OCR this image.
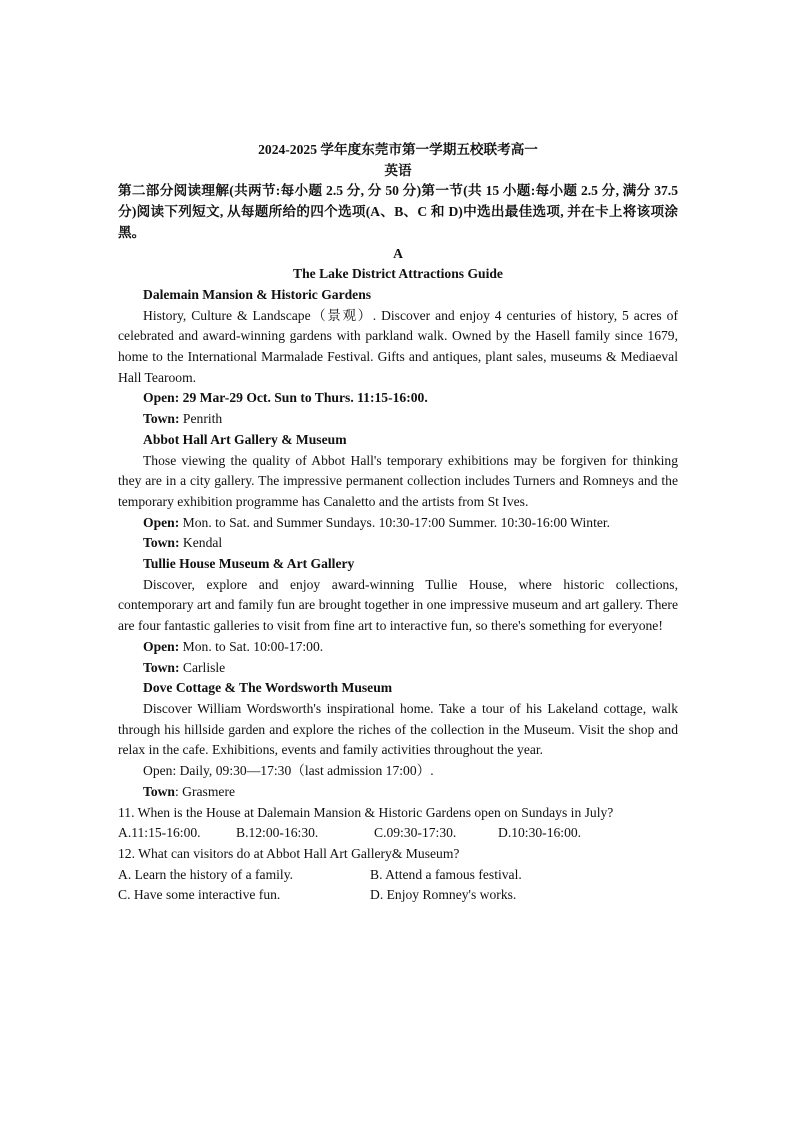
2024-2025 学年度东莞市第一学期五校联考高一
英语
第二部分阅读理解(共两节:每小题 2.5 分, 分 50 分)第一节(共 15 小题:每小题 2.5 分, 满分 37.5 分)阅读下列短文, 从每题所给的四个选项(A、B、C 和 D)中选出最佳选项, 并在卡上将该项涂黑。
A
The Lake District Attractions Guide
Dalemain Mansion & Historic Gardens
History, Culture & Landscape（景观）. Discover and enjoy 4 centuries of history, 5 acres of celebrated and award-winning gardens with parkland walk. Owned by the Hasell family since 1679, home to the International Marmalade Festival. Gifts and antiques, plant sales, museums & Mediaeval Hall Tearoom.
Open: 29 Mar-29 Oct. Sun to Thurs. 11:15-16:00.
Town: Penrith
Abbot Hall Art Gallery & Museum
Those viewing the quality of Abbot Hall's temporary exhibitions may be forgiven for thinking they are in a city gallery. The impressive permanent collection includes Turners and Romneys and the temporary exhibition programme has Canaletto and the artists from St Ives.
Open: Mon. to Sat. and Summer Sundays. 10:30-17:00 Summer. 10:30-16:00 Winter.
Town: Kendal
Tullie House Museum & Art Gallery
Discover, explore and enjoy award-winning Tullie House, where historic collections, contemporary art and family fun are brought together in one impressive museum and art gallery. There are four fantastic galleries to visit from fine art to interactive fun, so there's something for everyone!
Open: Mon. to Sat. 10:00-17:00.
Town: Carlisle
Dove Cottage & The Wordsworth Museum
Discover William Wordsworth's inspirational home. Take a tour of his Lakeland cottage, walk through his hillside garden and explore the riches of the collection in the Museum. Visit the shop and relax in the cafe. Exhibitions, events and family activities throughout the year.
Open: Daily, 09:30—17:30（last admission 17:00）.
Town: Grasmere
11. When is the House at Dalemain Mansion & Historic Gardens open on Sundays in July?
A.11:15-16:00.	B.12:00-16:30.	C.09:30-17:30.	D.10:30-16:00.
12. What can visitors do at Abbot Hall Art Gallery& Museum?
A. Learn the history of a family.	B. Attend a famous festival.
C. Have some interactive fun.	D. Enjoy Romney's works.
